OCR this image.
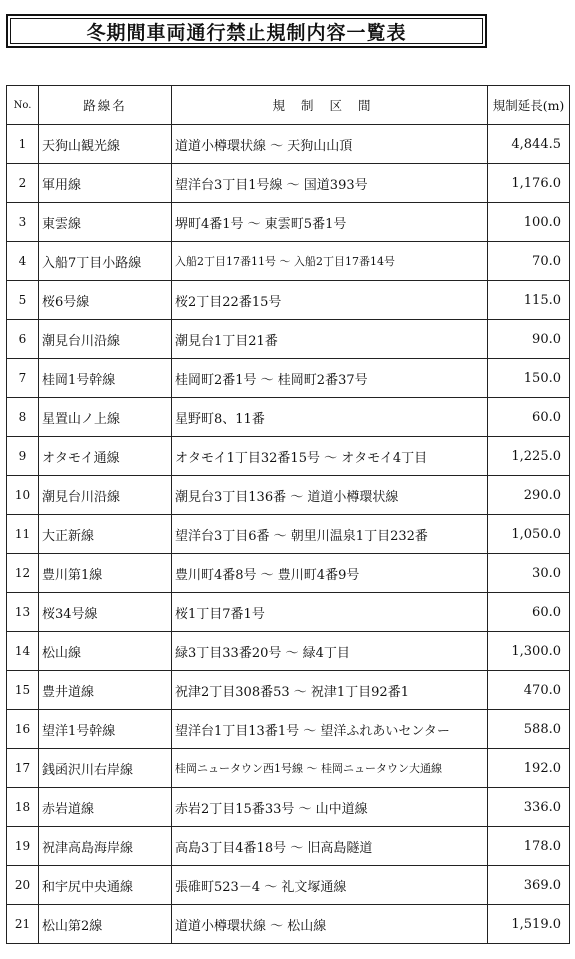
冬期間車両通行禁止規制内容一覧表
No.	路線名	規制区間	規制延長(m)
1	天狗山観光線	道道小樽環状線 ～ 天狗山山頂	4,844.5
2	軍用線	望洋台3丁目1号線 ～ 国道393号	1,176.0
3	東雲線	堺町4番1号 ～ 東雲町5番1号	100.0
4	入船7丁目小路線	入船2丁目17番11号 ～ 入船2丁目17番14号	70.0
5	桜6号線	桜2丁目22番15号	115.0
6	潮見台川沿線	潮見台1丁目21番	90.0
7	桂岡1号幹線	桂岡町2番1号 ～ 桂岡町2番37号	150.0
8	星置山ノ上線	星野町8、11番	60.0
9	オタモイ通線	オタモイ1丁目32番15号 ～ オタモイ4丁目	1,225.0
10	潮見台川沿線	潮見台3丁目136番 ～ 道道小樽環状線	290.0
11	大正新線	望洋台3丁目6番 ～ 朝里川温泉1丁目232番	1,050.0
12	豊川第1線	豊川町4番8号 ～ 豊川町4番9号	30.0
13	桜34号線	桜1丁目7番1号	60.0
14	松山線	緑3丁目33番20号 ～ 緑4丁目	1,300.0
15	豊井道線	祝津2丁目308番53 ～ 祝津1丁目92番1	470.0
16	望洋1号幹線	望洋台1丁目13番1号 ～ 望洋ふれあいセンター	588.0
17	銭函沢川右岸線	桂岡ニュータウン西1号線 ～ 桂岡ニュータウン大通線	192.0
18	赤岩道線	赤岩2丁目15番33号 ～ 山中道線	336.0
19	祝津高島海岸線	高島3丁目4番18号 ～ 旧高島隧道	178.0
20	和宇尻中央通線	張碓町523－4 ～ 礼文塚通線	369.0
21	松山第2線	道道小樽環状線 ～ 松山線	1,519.0
